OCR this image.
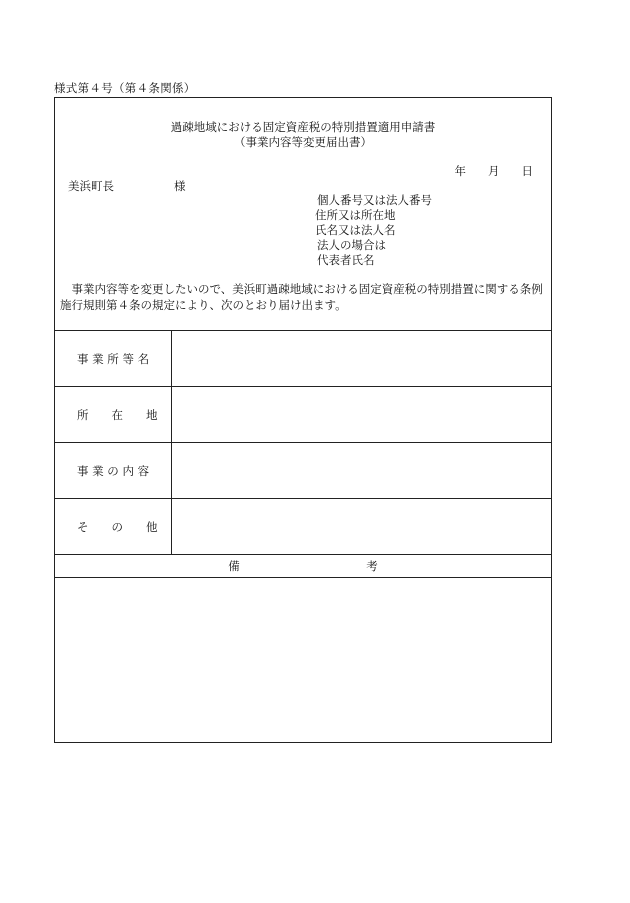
様式第４号（第４条関係）
過疎地域における固定資産税の特別措置適用申請書
（事業内容等変更届出書）
年 月 日
美浜町長	様
個人番号又は法人番号
住所又は所在地
氏名又は法人名
法人の場合は
代表者氏名
事業内容等を変更したいので、美浜町過疎地域における固定資産税の特別措置に関する条例施行規則第４条の規定により、次のとおり届け出ます。
事 業 所 等 名
所　　在　　地
事 業 の 内 容
そ　　の　　他
備　　　　　　　　　　　考
